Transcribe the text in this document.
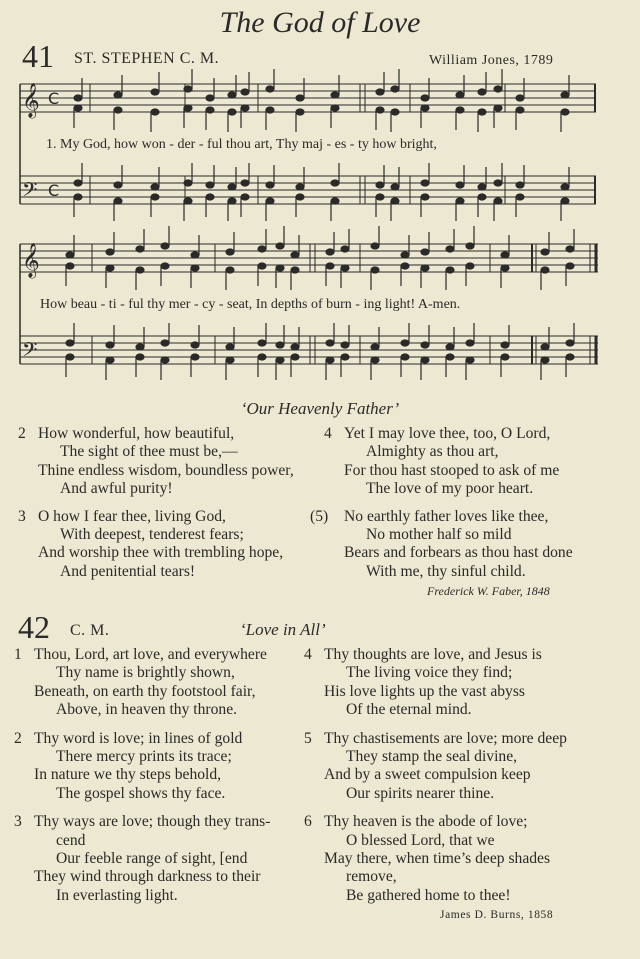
The God of Love
41 ST. STEPHEN C. M.	William Jones, 1789
𝄞
𝄢
𝄞
𝄢
C
C
1. My God, how won - der - ful thou art, Thy maj - es - ty how bright,
How beau - ti - ful thy mer - cy - seat, In depths of burn - ing light! A-men.
‘Our Heavenly Father’
2 How wonderful, how beautiful,
The sight of thee must be,—
Thine endless wisdom, boundless power,
And awful purity!
3 O how I fear thee, living God,
With deepest, tenderest fears;
And worship thee with trembling hope,
And penitential tears!
4 Yet I may love thee, too, O Lord,
Almighty as thou art,
For thou hast stooped to ask of me
The love of my poor heart.
(5) No earthly father loves like thee,
No mother half so mild
Bears and forbears as thou hast done
With me, thy sinful child.
Frederick W. Faber, 1848
42 C. M.	‘Love in All’
1 Thou, Lord, art love, and everywhere
Thy name is brightly shown,
Beneath, on earth thy footstool fair,
Above, in heaven thy throne.
2 Thy word is love; in lines of gold
There mercy prints its trace;
In nature we thy steps behold,
The gospel shows thy face.
3 Thy ways are love; though they trans-
cend
Our feeble range of sight, [end
They wind through darkness to their
In everlasting light.
4 Thy thoughts are love, and Jesus is
The living voice they find;
His love lights up the vast abyss
Of the eternal mind.
5 Thy chastisements are love; more deep
They stamp the seal divine,
And by a sweet compulsion keep
Our spirits nearer thine.
6 Thy heaven is the abode of love;
O blessed Lord, that we
May there, when time’s deep shades
remove,
Be gathered home to thee!
James D. Burns, 1858
